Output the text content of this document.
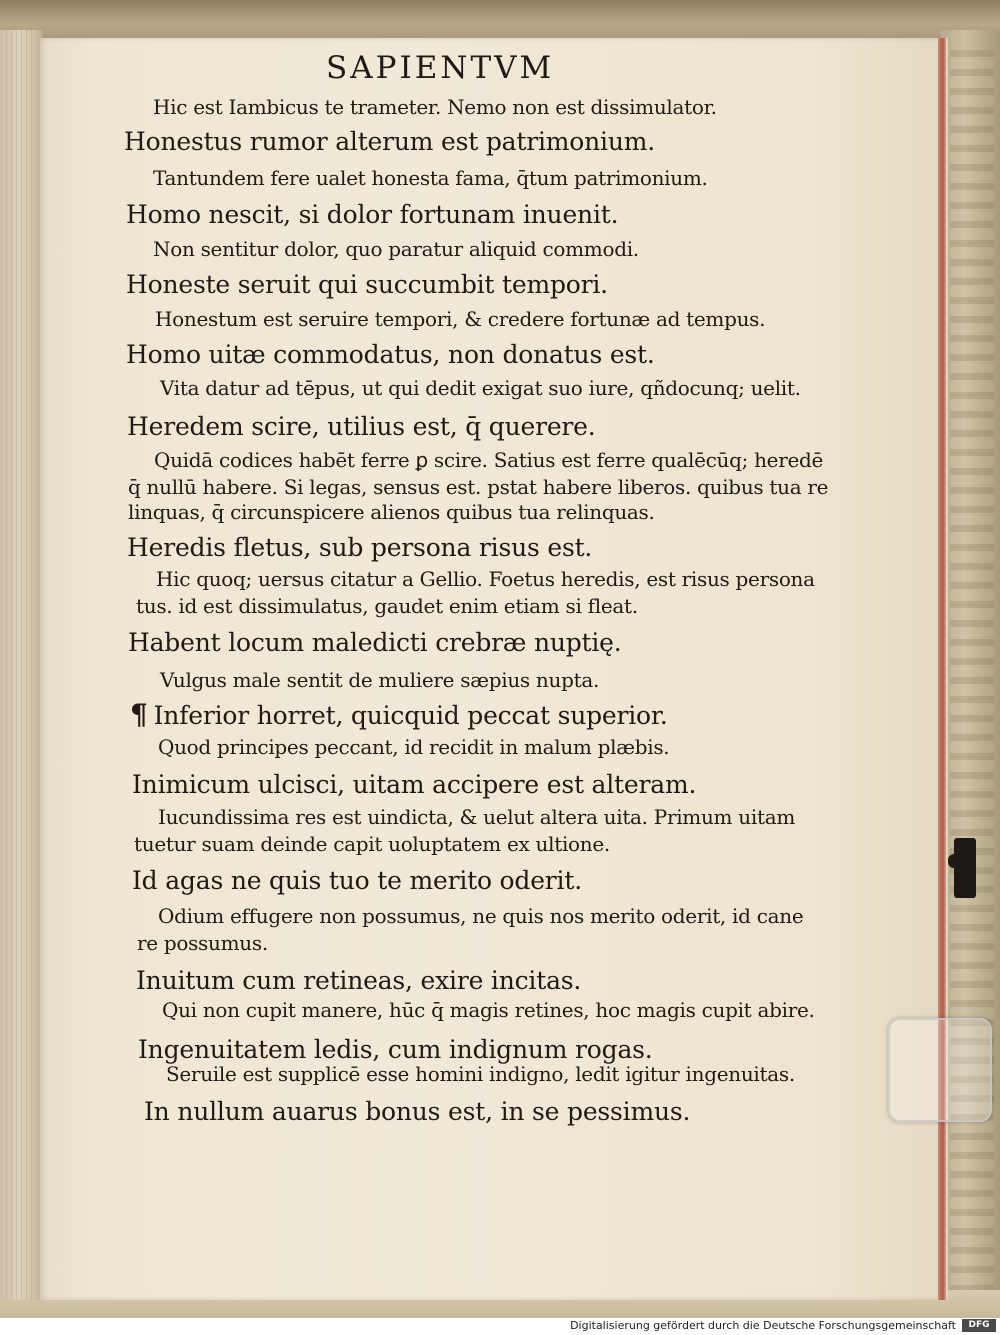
SAPIENTVM

Hic est Iambicus te trameter. Nemo non est dissimulator.

Honestus rumor alterum est patrimonium.

Tantundem fere ualet honesta fama, q̄tum patrimonium.

Homo nescit, si dolor fortunam inuenit.

Non sentitur dolor, quo paratur aliquid commodi.

Honeste seruit qui succumbit tempori.

Honestum est seruire tempori, & credere fortunæ ad tempus.

Homo uitæ commodatus, non donatus est.

Vita datur ad tēpus, ut qui dedit exigat suo iure, qñdocunq; uelit.

Heredem scire, utilius est, q̄ querere.

Quidā codices habēt ferre ꝑ scire. Satius est ferre qualēcūq; heredē

q̄ nullū habere. Si legas, sensus est. pstat habere liberos. quibus tua re

linquas, q̄ circunspicere alienos quibus tua relinquas.

Heredis fletus, sub persona risus est.

Hic quoq; uersus citatur a Gellio. Foetus heredis, est risus persona

tus. id est dissimulatus, gaudet enim etiam si fleat.

Habent locum maledicti crebræ nuptię.

Vulgus male sentit de muliere sæpius nupta.

¶ Inferior horret, quicquid peccat superior.

Quod principes peccant, id recidit in malum plæbis.

Inimicum ulcisci, uitam accipere est alteram.

Iucundissima res est uindicta, & uelut altera uita. Primum uitam

tuetur suam deinde capit uoluptatem ex ultione.

Id agas ne quis tuo te merito oderit.

Odium effugere non possumus, ne quis nos merito oderit, id cane

re possumus.

Inuitum cum retineas, exire incitas.

Qui non cupit manere, hūc q̄ magis retines, hoc magis cupit abire.

Ingenuitatem ledis, cum indignum rogas.

Seruile est supplicē esse homini indigno, ledit igitur ingenuitas.

In nullum auarus bonus est, in se pessimus.

Digitalisierung gefördert durch die Deutsche Forschungsgemeinschaft	DFG
